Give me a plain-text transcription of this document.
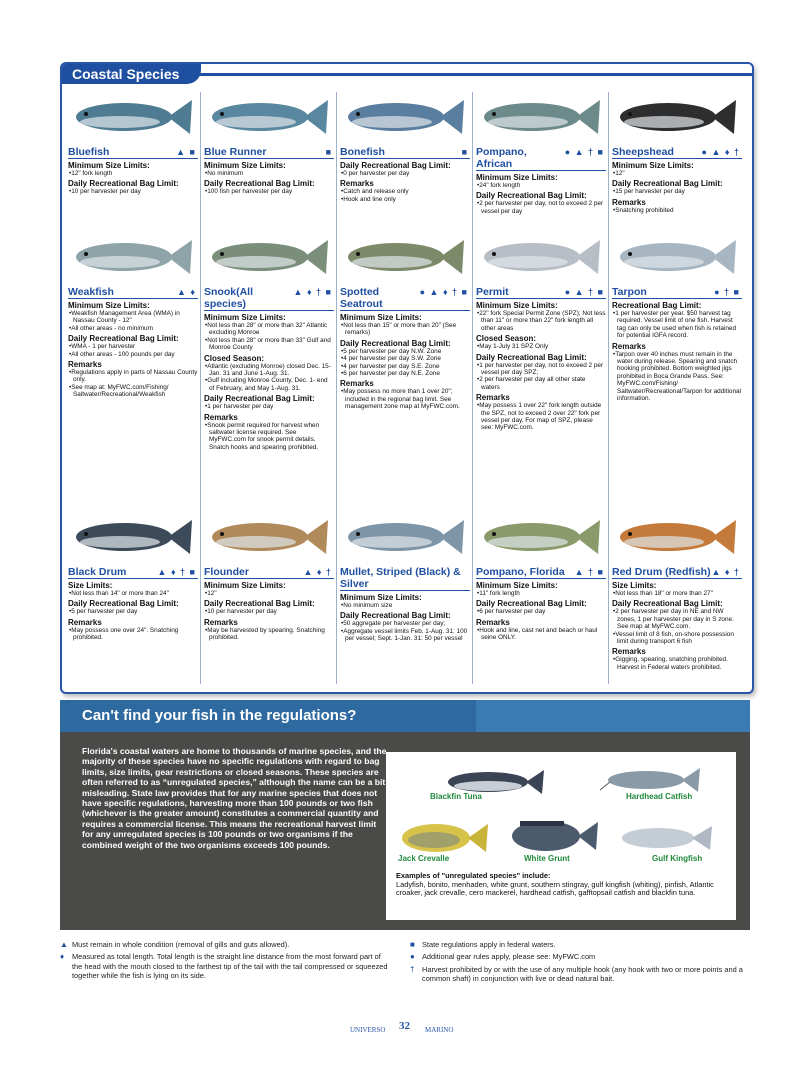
Coastal Species
Bluefish	▲ ■
Minimum Size Limits:
• 12" fork length
Daily Recreational Bag Limit:
• 10 per harvester per day
Weakfish	▲ ♦
Minimum Size Limits:
• Weakfish Management Area (WMA) in Nassau County - 12"
• All other areas - no minimum
Daily Recreational Bag Limit:
• WMA - 1 per harvester
• All other areas - 100 pounds per day
Remarks
• Regulations apply in parts of Nassau County only.
• See map at: MyFWC.com/Fishing/ Saltwater/Recreational/Weakfish
Black Drum	▲ ♦ † ■
Size Limits:
• Not less than 14" or more than 24"
Daily Recreational Bag Limit:
• 5 per harvester per day
Remarks
• May possess one over 24". Snatching prohibited.
Blue Runner	■
Minimum Size Limits:
• No minimum
Daily Recreational Bag Limit:
• 100 fish per harvester per day
Snook(All species)
▲ ♦ † ■
Minimum Size Limits:
• Not less than 28" or more than 32" Atlantic excluding Monroe
• Not less than 28" or more than 33" Gulf and Monroe County
Closed Season:
• Atlantic (excluding Monroe) closed Dec. 15-Jan. 31 and June 1-Aug. 31.
• Gulf including Monroe County, Dec. 1- end of February, and May 1-Aug. 31.
Daily Recreational Bag Limit:
• 1 per harvester per day
Remarks
• Snook permit required for harvest when saltwater license required. See MyFWC.com for snook permit details. Snatch hooks and spearing prohibited.
Flounder	▲ ♦ †
Minimum Size Limits:
• 12"
Daily Recreational Bag Limit:
• 10 per harvester per day
Remarks
• May be harvested by spearing. Snatching prohibited.
Bonefish	■
Daily Recreational Bag Limit:
• 0 per harvester per day
Remarks
• Catch and release only
• Hook and line only
Spotted Seatrout
● ▲ ♦ † ■
Minimum Size Limits:
• Not less than 15" or more than 20" (See remarks)
Daily Recreational Bag Limit:
• 5 per harvester per day N.W. Zone
• 4 per harvester per day S.W. Zone
• 4 per harvester per day S.E. Zone
• 6 per harvester per day N.E. Zone
Remarks
• May possess no more than 1 over 20"; included in the regional bag limit. See management zone map at MyFWC.com.
Mullet, Striped (Black) & Silver
Minimum Size Limits:
• No minimum size
Daily Recreational Bag Limit:
• 50 aggregate per harvester per day;
• Aggregate vessel limits Feb. 1-Aug. 31: 100 per vessel; Sept. 1-Jan. 31: 50 per vessel
Pompano, African
● ▲ † ■
Minimum Size Limits:
• 24" fork length
Daily Recreational Bag Limit:
• 2 per harvester per day, not to exceed 2 per vessel per day
Permit	● ▲ † ■
Minimum Size Limits:
• 22" fork Special Permit Zone (SPZ); Not less than 11" or more than 22" fork length all other areas
Closed Season:
• May 1-July 31 SPZ Only
Daily Recreational Bag Limit:
• 1 per harvester per day, not to exceed 2 per vessel per day SPZ;
• 2 per harvester per day all other state waters
Remarks
• May possess 1 over 22" fork length outside the SPZ, not to exceed 2 over 22" fork per vessel per day. For map of SPZ, please see: MyFWC.com.
Pompano, Florida ▲ † ■
Minimum Size Limits:
• 11" fork length
Daily Recreational Bag Limit:
• 6 per harvester per day
Remarks
• Hook and line, cast net and beach or haul seine ONLY.
Sheepshead	● ▲ ♦ †
Minimum Size Limits:
• 12"
Daily Recreational Bag Limit:
• 15 per harvester per day
Remarks
• Snatching prohibited
Tarpon	● † ■
Recreational Bag Limit:
• 1 per harvester per year. $50 harvest tag required. Vessel limit of one fish. Harvest tag can only be used when fish is retained for potential IGFA record.
Remarks
• Tarpon over 40 inches must remain in the water during release. Spearing and snatch hooking prohibited. Bottom weighted jigs prohibited in Boca Grande Pass. See: MyFWC.com/Fishing/ Saltwater/Recreational/Tarpon for additional information.
Red Drum (Redfish) ▲ ♦ †
Size Limits:
• Not less than 18" or more than 27"
Daily Recreational Bag Limit:
• 2 per harvester per day in NE and NW zones, 1 per harvester per day in S zone. See map at MyFWC.com.
• Vessel limit of 8 fish, on-shore possession limit during transport 6 fish
Remarks
• Gigging, spearing, snatching prohibited. Harvest in Federal waters prohibited.
Can't find your fish in the regulations?
Florida's coastal waters are home to thousands of marine species, and the majority of these species have no specific regulations with regard to bag limits, size limits, gear restrictions or closed seasons. These species are often referred to as “unregulated species,” although the name can be a bit misleading. State law provides that for any marine species that does not have specific regulations, harvesting more than 100 pounds or two fish (whichever is the greater amount) constitutes a commercial quantity and requires a commercial license. This means the recreational harvest limit for any unregulated species is 100 pounds or two organisms if the combined weight of the two organisms exceeds 100 pounds.
Blackfin Tuna	Hardhead Catfish
Jack Crevalle	White Grunt	Gulf Kingfish
Examples of "unregulated species" include:
Ladyfish, bonito, menhaden, white grunt, southern stingray, gulf kingfish (whiting), pinfish, Atlantic croaker, jack crevalle, cero mackerel, hardhead catfish, gafftopsail catfish and blackfin tuna.
▲ Must remain in whole condition (removal of gills and guts allowed).
♦	Measured as total length. Total length is the straight line distance from the most forward part of the head with the mouth closed to the farthest tip of the tail with the tail compressed or squeezed together while the fish is lying on its side.
■ State regulations apply in federal waters.
● Additional gear rules apply, please see: MyFWC.com
†	Harvest prohibited by or with the use of any multiple hook (any hook with two or more points and a common shaft) in conjunction with live or dead natural bait.
UNIVERSO 32 MARINO
